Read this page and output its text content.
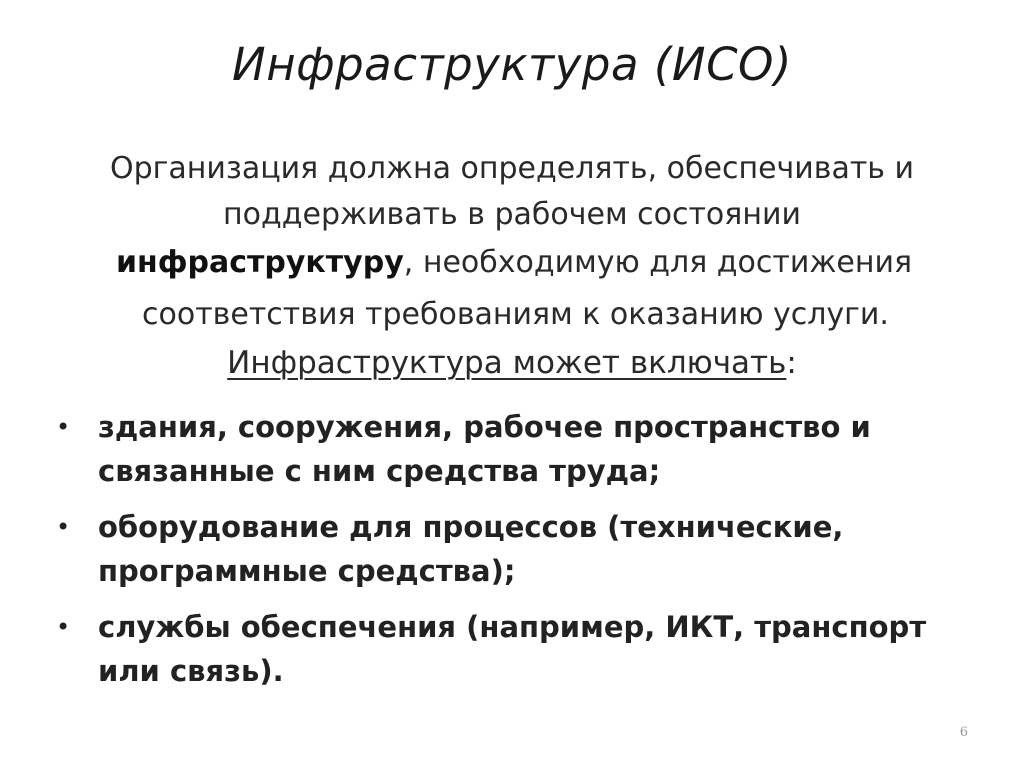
Инфраструктура (ИСО)
Организация должна определять, обеспечивать и
поддерживать в рабочем состоянии
инфраструктуру, необходимую для достижения
соответствия требованиям к оказанию услуги.
Инфраструктура может включать:
• здания, сооружения, рабочее пространство и связанные с ним средства труда;
• оборудование для процессов (технические, программные средства);
• службы обеспечения (например, ИКТ, транспорт или связь).
6
